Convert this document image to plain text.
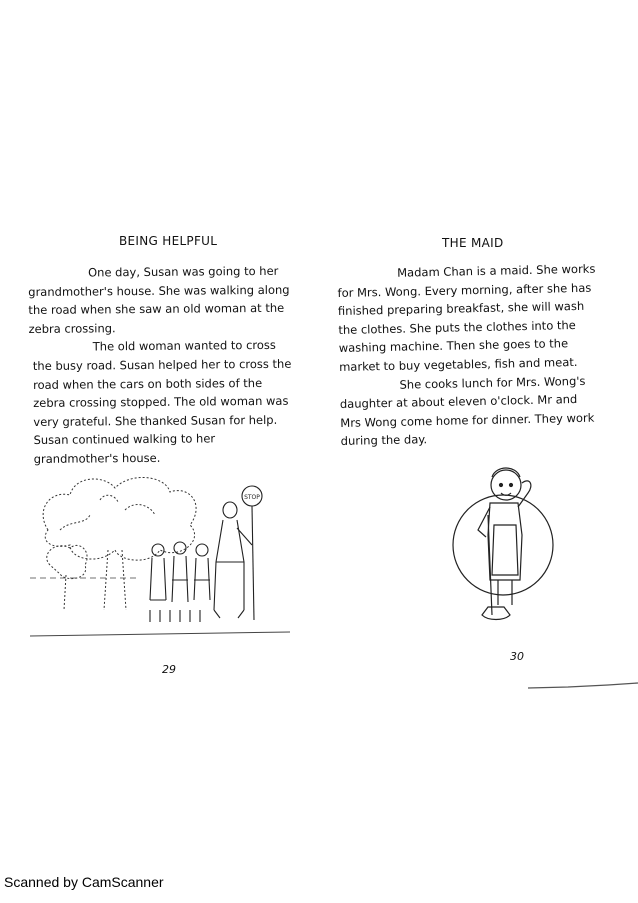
BEING HELPFUL
One day, Susan was going to her
grandmother's house. She was walking along
the road when she saw an old woman at the
zebra crossing.
The old woman wanted to cross
the busy road. Susan helped her to cross the
road when the cars on both sides of the
zebra crossing stopped. The old woman was
very grateful. She thanked Susan for help.
Susan continued walking to her
grandmother's house.
STOP
29
THE MAID
Madam Chan is a maid. She works
for Mrs. Wong. Every morning, after she has
finished preparing breakfast, she will wash
the clothes. She puts the clothes into the
washing machine. Then she goes to the
market to buy vegetables, fish and meat.
She cooks lunch for Mrs. Wong's
daughter at about eleven o'clock. Mr and
Mrs Wong come home for dinner. They work
during the day.
30
Scanned by CamScanner
